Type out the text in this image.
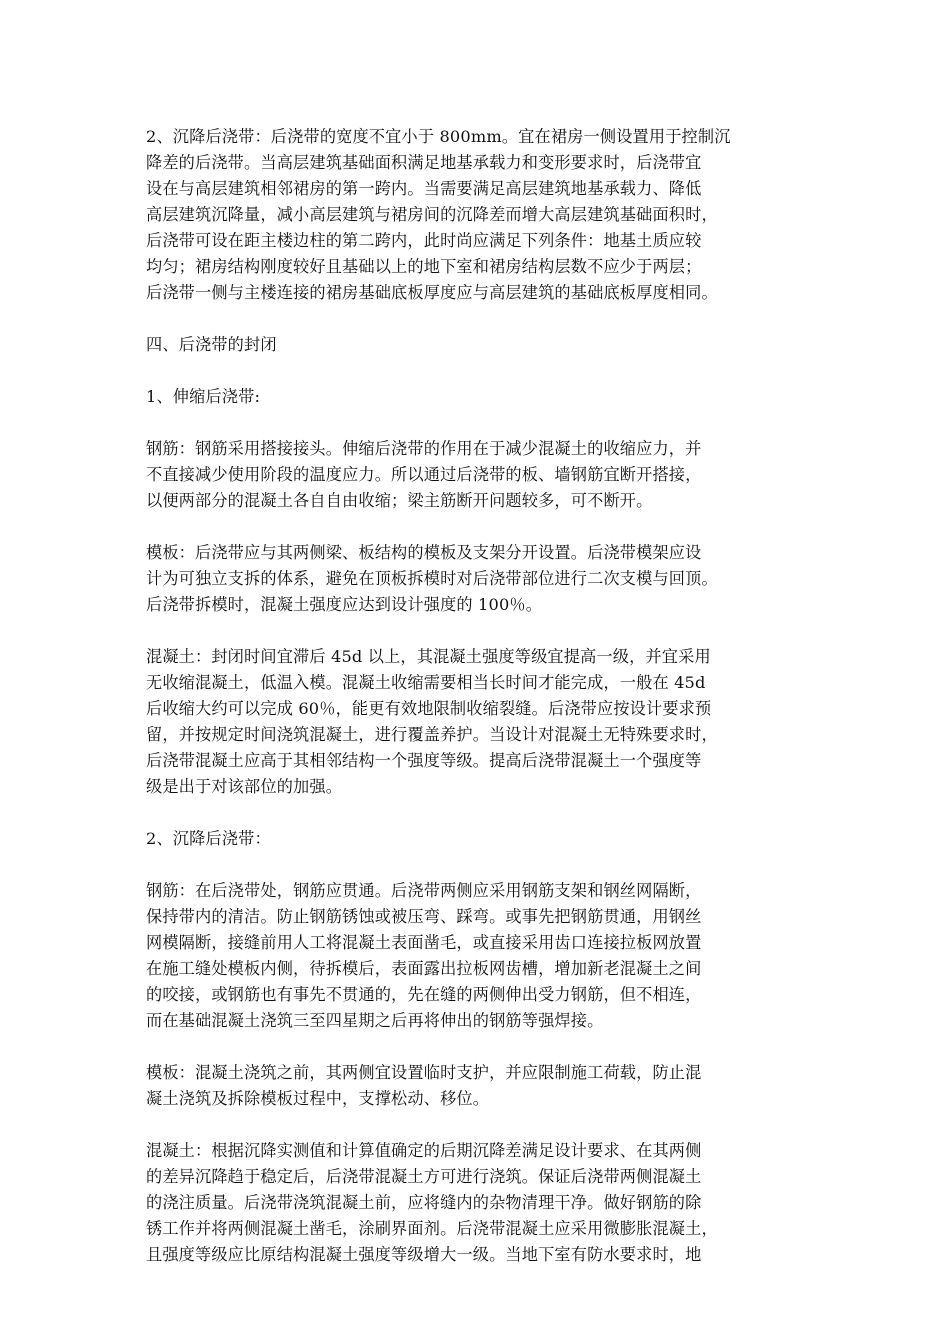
2、沉降后浇带：后浇带的宽度不宜小于 800mm。宜在裙房一侧设置用于控制沉
降差的后浇带。当高层建筑基础面积满足地基承载力和变形要求时，后浇带宜
设在与高层建筑相邻裙房的第一跨内。当需要满足高层建筑地基承载力、降低
高层建筑沉降量，减小高层建筑与裙房间的沉降差而增大高层建筑基础面积时，
后浇带可设在距主楼边柱的第二跨内，此时尚应满足下列条件：地基土质应较
均匀；裙房结构刚度较好且基础以上的地下室和裙房结构层数不应少于两层；
后浇带一侧与主楼连接的裙房基础底板厚度应与高层建筑的基础底板厚度相同。
四、后浇带的封闭
1、伸缩后浇带:
钢筋：钢筋采用搭接接头。伸缩后浇带的作用在于减少混凝土的收缩应力，并
不直接减少使用阶段的温度应力。所以通过后浇带的板、墙钢筋宜断开搭接，
以便两部分的混凝土各自自由收缩；梁主筋断开问题较多，可不断开。
模板：后浇带应与其两侧梁、板结构的模板及支架分开设置。后浇带模架应设
计为可独立支拆的体系，避免在顶板拆模时对后浇带部位进行二次支模与回顶。
后浇带拆模时，混凝土强度应达到设计强度的 100％。
混凝土：封闭时间宜滞后 45d 以上，其混凝土强度等级宜提高一级，并宜采用
无收缩混凝土，低温入模。混凝土收缩需要相当长时间才能完成，一般在 45d
后收缩大约可以完成 60％，能更有效地限制收缩裂缝。后浇带应按设计要求预
留，并按规定时间浇筑混凝土，进行覆盖养护。当设计对混凝土无特殊要求时，
后浇带混凝土应高于其相邻结构一个强度等级。提高后浇带混凝土一个强度等
级是出于对该部位的加强。
2、沉降后浇带：
钢筋：在后浇带处，钢筋应贯通。后浇带两侧应采用钢筋支架和钢丝网隔断，
保持带内的清洁。防止钢筋锈蚀或被压弯、踩弯。或事先把钢筋贯通，用钢丝
网模隔断，接缝前用人工将混凝土表面凿毛，或直接采用齿口连接拉板网放置
在施工缝处模板内侧，待拆模后，表面露出拉板网齿槽，增加新老混凝土之间
的咬接，或钢筋也有事先不贯通的，先在缝的两侧伸出受力钢筋，但不相连，
而在基础混凝土浇筑三至四星期之后再将伸出的钢筋等强焊接。
模板：混凝土浇筑之前，其两侧宜设置临时支护，并应限制施工荷载，防止混
凝土浇筑及拆除模板过程中，支撑松动、移位。
混凝土：根据沉降实测值和计算值确定的后期沉降差满足设计要求、在其两侧
的差异沉降趋于稳定后，后浇带混凝土方可进行浇筑。保证后浇带两侧混凝土
的浇注质量。后浇带浇筑混凝土前，应将缝内的杂物清理干净。做好钢筋的除
锈工作并将两侧混凝土凿毛，涂刷界面剂。后浇带混凝土应采用微膨胀混凝土，
且强度等级应比原结构混凝土强度等级增大一级。当地下室有防水要求时，地
